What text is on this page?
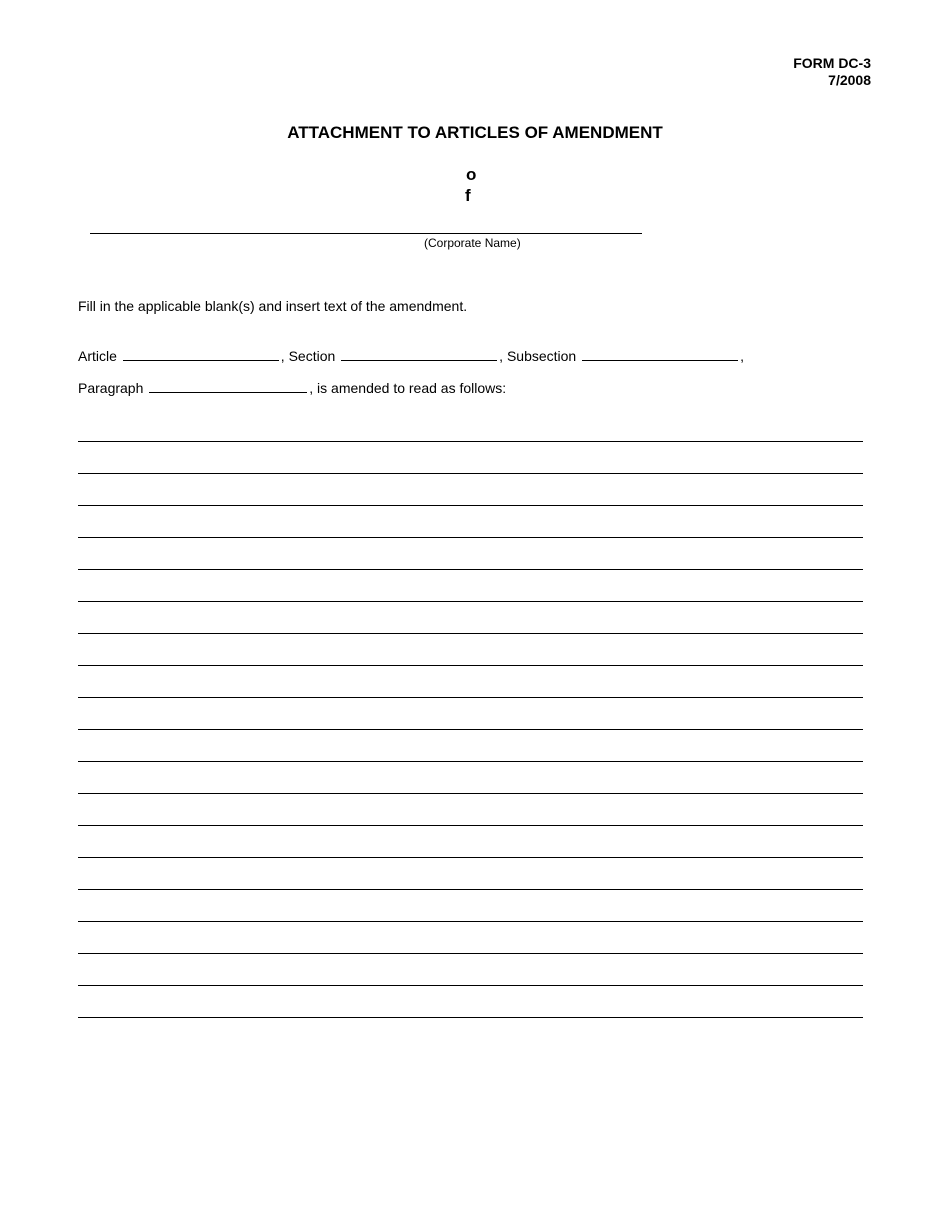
FORM DC-3
7/2008
ATTACHMENT TO ARTICLES OF AMENDMENT
o
f
(Corporate Name)
Fill in the applicable blank(s) and insert text of the amendment.
Article	, Section	, Subsection	,
Paragraph	, is amended to read as follows:
